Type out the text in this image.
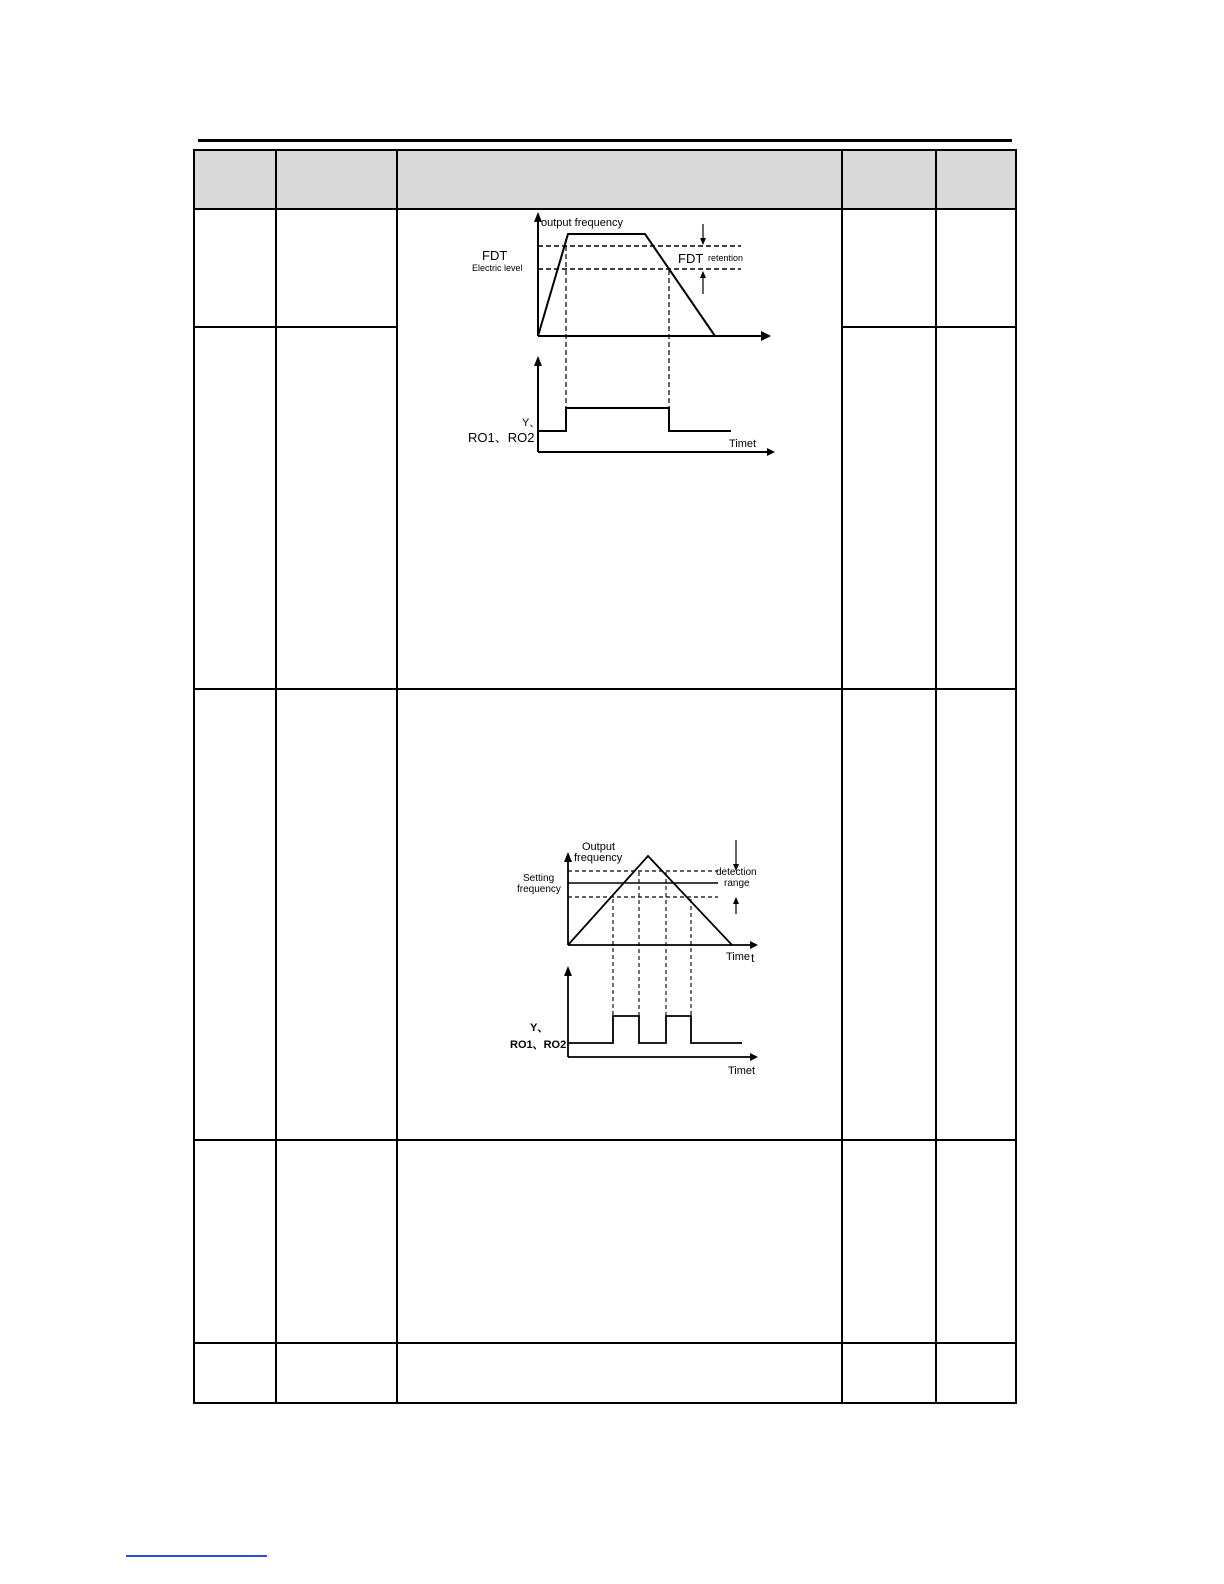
output frequency
FDT
Electric level
FDT retention
Y、
RO1、RO2	Timet
Output
frequency
Setting
frequency
detection
range
Time t
Y、
RO1、RO2
Timet
